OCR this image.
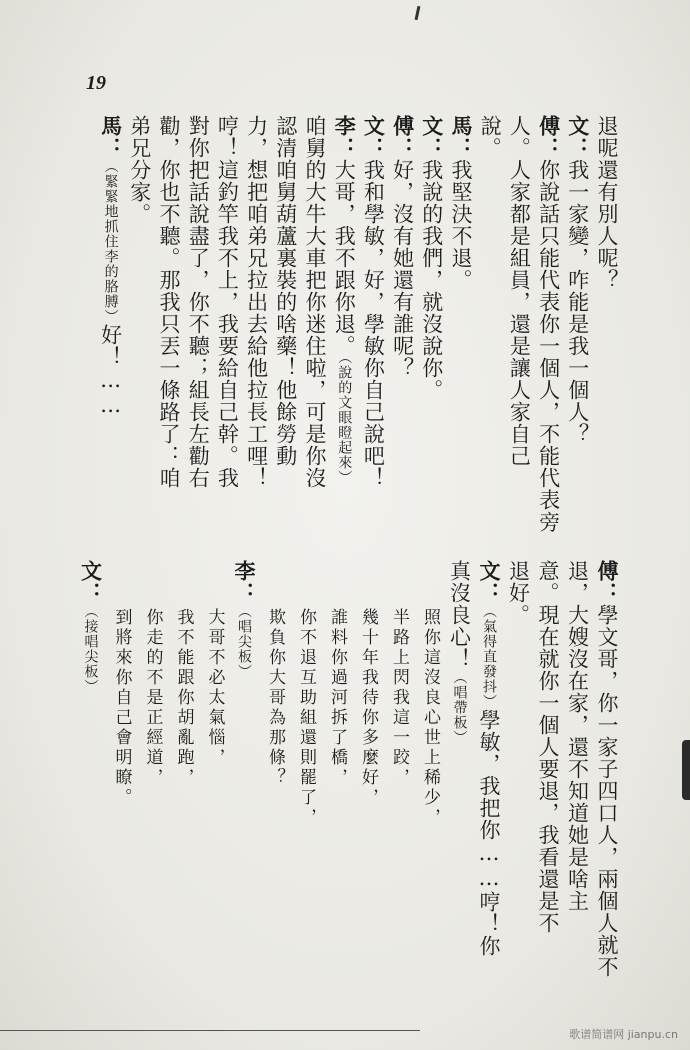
19
退呢還有別人呢？
文：我一家變，咋能是我一個人？
傅：你說話只能代表你一個人，不能代表旁
人。人家都是組員，還是讓人家自己
說。
馬：我堅決不退。
文：我說的我們，就沒說你。
傅：好，沒有她還有誰呢？
文：我和學敏，好，學敏你自己說吧！
李：大哥，我不跟你退。（說的文眼瞪起來）
咱舅的大牛大車把你迷住啦，可是你沒
認清咱舅葫蘆裏裝的啥藥！他餘勞動
力，想把咱弟兄拉出去給他拉長工哩！
哼！這釣竿我不上，我要給自己幹。我
對你把話說盡了，你不聽；組長左勸右
勸，你也不聽。那我只丟一條路了：咱
弟兄分家。
馬：（緊緊地抓住李的胳膊）好！……
傅：學文哥，你一家子四口人，兩個人就不
退，大嫂沒在家，還不知道她是啥主
意。現在就你一個人要退，我看還是不
退好。
文：（氣得直發抖）學敏，我把你……哼！你
真沒良心！（唱帶板）
照你這沒良心世上稀少，
半路上閃我這一跤，
幾十年我待你多麼好，
誰料你過河拆了橋，
你不退互助組還則罷了，
欺負你大哥為那條？
李：（唱尖板）
大哥不必太氣惱，
我不能跟你胡亂跑，
你走的不是正經道，
到將來你自己會明瞭。
文：（接唱尖板）
歌谱简谱网 jianpu.cn
